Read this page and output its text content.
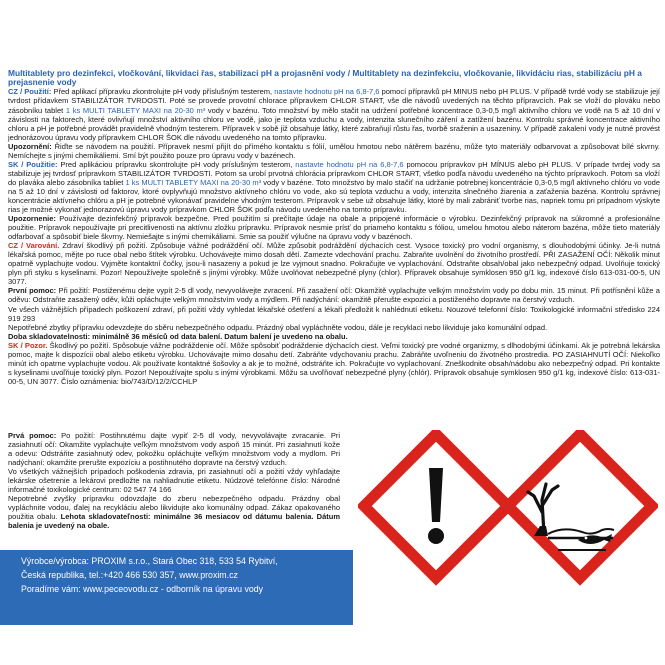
Multitablety pro dezinfekci, vločkování, likvidaci řas, stabilizaci pH a projasnění vody / Multitablety na dezinfekciu, vločkovanie, likvidáciu rias, stabilizáciu pH a prejasnenie vody

CZ / Použití: Před aplikací přípravku zkontrolujte pH vody příslušným testerem, nastavte hodnotu pH na 6,8-7,6 pomocí přípravků pH MINUS nebo pH PLUS. V případě tvrdé vody se stabilizuje její tvrdost přídavkem STABILIZÁTOR TVRDOSTI. Poté se provede provotní chlorace přípravkem CHLOR START, vše dle návodů uvedených na těchto přípravcích. Pak se vloží do plováku nebo zásobníku tablet 1 ks MULTI TABLETY MAXI na 20-30 m³ vody v bazénu. Toto množství by mělo stačit na udržení potřebné koncentrace 0,3-0,5 mg/l aktivního chloru ve vodě na 5 až 10 dní v závislosti na faktorech, které ovlivňují množství aktivního chloru ve vodě, jako je teplota vzduchu a vody, intenzita slunečního záření a zatížení bazénu. Kontrolu správné koncentrace aktivního chloru a pH je potřebné provádět pravidelně vhodným testerem. Přípravek v sobě již obsahuje látky, které zabraňují růstu řas, tvorbě sraženin a usazeniny. V případě zakalení vody je nutné provést jednorázovou úpravu vody přípravkem CHLOR ŠOK dle návodu uvedeného na tomto přípravku.

Upozornění: Řiďte se návodem na použití. Přípravek nesmí přijít do přímého kontaktu s fólií, umělou hmotou nebo nátěrem bazénu, může tyto materiály odbarvovat a způsobovat bílé skvrny. Nemíchejte s jinými chemikáliemi. Smí být použito pouze pro úpravu vody v bazénech.

SK / Použitie: Pred aplikáciou prípravku skontrolujte pH vody príslušným testerom, nastavte hodnotu pH na 6,8-7,6 pomocou prípravkov pH MÍNUS alebo pH PLUS. V prípade tvrdej vody sa stabilizuje jej tvrdosť prípravkom STABILIZÁTOR TVRDOSTI. Potom sa urobí prvotná chlorácia prípravkom CHLOR START, všetko podľa návodu uvedeného na týchto prípravkoch. Potom sa vloží do plaváka alebo zásobníka tabliet 1 ks MULTI TABLETY MAXI na 20-30 m³ vody v bazéne. Toto množstvo by malo stačiť na udržanie potrebnej koncentrácie 0,3-0,5 mg/l aktívneho chlóru vo vode na 5 až 10 dní v závislosti od faktorov, ktoré ovplyvňujú množstvo aktívneho chlóru vo vode, ako sú teplota vzduchu a vody, intenzita slnečného žiarenia a zaťaženia bazéna. Kontrolu správnej koncentrácie aktívneho chlóru a pH je potrebné vykonávať pravidelne vhodným testerom. Prípravok v sebe už obsahuje látky, ktoré by mali zabrániť tvorbe rias, napriek tomu pri prípadnom výskyte rias je možné vykonať jednorazovú úpravu vody prípravkom CHLOR ŠOK podľa návodu uvedeného na tomto prípravku.

Upozornenie: Používajte dezinfekčný prípravok bezpečne. Pred použitím si prečítajte údaje na obale a pripojené informácie o výrobku. Dezinfekčný prípravok na súkromné a profesionálne použitie. Prípravok nepoužívajte pri precitlivenosti na aktívnu zložku prípravku. Prípravok nesmie prísť do priameho kontaktu s fóliou, umelou hmotou alebo náterom bazéna, môže tieto materiály odfarbovať a spôsobiť biele škvrny. Nemiešajte s inými chemikáliami. Smie sa použiť výlučne na úpravu vody v bazénoch.

CZ / Varování. Zdraví škodlivý při požití. Způsobuje vážné podráždění očí. Může způsobit podráždění dýchacích cest. Vysoce toxický pro vodní organismy, s dlouhodobými účinky. Je-li nutná lékařská pomoc, mějte po ruce obal nebo štítek výrobku. Uchovávejte mimo dosah dětí. Zamezte vdechování prachu. Zabraňte uvolnění do životního prostředí. PŘI ZASAŽENÍ OČÍ: Několik minut opatrně vyplachujte vodou. Vyjměte kontaktní čočky, jsou-li nasazeny a pokud je lze vyjmout snadno. Pokračujte ve vyplachování. Odstraňte obsah/obal jako nebezpečný odpad. Uvolňuje toxický plyn při styku s kyselinami. Pozor! Nepoužívejte společně s jinými výrobky. Může uvolňovat nebezpečné plyny (chlor). Přípravek obsahuje symklosen 950 g/1 kg, indexové číslo 613-031-00-5, UN 3077.

První pomoc: Při požití: Postiženému dejte vypít 2-5 dl vody, nevyvolávejte zvracení. Při zasažení očí: Okamžitě vyplachujte velkým množstvím vody po dobu min. 15 minut. Při potřísnění kůže a oděvu: Odstraňte zasažený oděv, kůži opláchujte velkým množstvím vody a mýdlem. Při nadýchání: okamžitě přerušte expozici a postiženého dopravte na čerstvý vzduch.

Ve všech vážnějších případech poškození zdraví, při požití vždy vyhledat lékařské ošetření a lékaři předložit k nahlédnutí etiketu. Nouzové telefonní číslo: Toxikologické informační středisko 224 919 293

Nepotřebné zbytky přípravku odevzdejte do sběru nebezpečného odpadu. Prázdný obal vypláchněte vodou, dále je recyklaci nebo likviduje jako komunální odpad.

Doba skladovatelnosti: minimálně 36 měsíců od data balení. Datum balení je uvedeno na obalu.

SK / Pozor. Škodlivý po požití. Spôsobuje vážne podráždenie očí. Môže spôsobiť podráždenie dýchacích ciest. Veľmi toxický pre vodné organizmy, s dlhodobými účinkami. Ak je potrebná lekárska pomoc, majte k dispozícii obal alebo etiketu výrobku. Uchovávajte mimo dosahu detí. Zabráňte vdychovaniu prachu. Zabráňte uvoľneniu do životného prostredia. PO ZASIAHNUTÍ OČÍ: Niekoľko minút ich opatrne vyplachujte vodou. Ak používate kontaktné šošovky a ak je to možné, odstráňte ich. Pokračujte vo vyplachovaní. Zneškodnite obsah/nádobu ako nebezpečný odpad. Pri kontakte s kyselinami uvoľňuje toxický plyn. Pozor! Nepoužívajte spolu s inými výrobkami. Môžu sa uvoľňovať nebezpečné plyny (chlór). Prípravok obsahuje symklosen 950 g/1 kg, indexové číslo: 613-031-00-5, UN 3077. Číslo oznámenia: bio/743/D/12/2/CCHLP

Prvá pomoc: Po požití: Postihnutému dajte vypiť 2-5 dl vody, nevyvolávajte zvracanie. Pri zasiahnutí očí: Okamžite vyplachujte veľkým množstvom vody aspoň 15 minút. Pri zasiahnutí kože a odevu: Odstráňte zasiahnutý odev, pokožku opláchujte veľkým množstvom vody a mydlom. Pri nadýchaní: okamžite prerušte expozíciu a postihnutého dopravte na čerstvý vzduch.

Vo všetkých vážnejších prípadoch poškodenia zdravia, pri zasiahnutí očí a požití vždy vyhľadajte lekárske ošetrenie a lekárovi predložte na nahliadnutie etiketu. Núdzové telefónne číslo: Národné informačné toxikologické centrum: 02 547 74 166

Nepotrebné zvyšky prípravku odovzdajte do zberu nebezpečného odpadu. Prázdny obal vypláchnite vodou, ďalej na recykláciu alebo likvidujte ako komunálny odpad. Zákaz opakovaného použitia obalu. Lehota skladovateľnosti: minimálne 36 mesiacov od dátumu balenia. Dátum balenia je uvedený na obale.

Výrobce/výrobca: PROXIM s.r.o., Stará Obec 318, 533 54 Rybitví,

Česká republika, tel.:+420 466 530 357, www.proxim.cz

Poradíme vám: www.peceovodu.cz - odborník na úpravu vody
